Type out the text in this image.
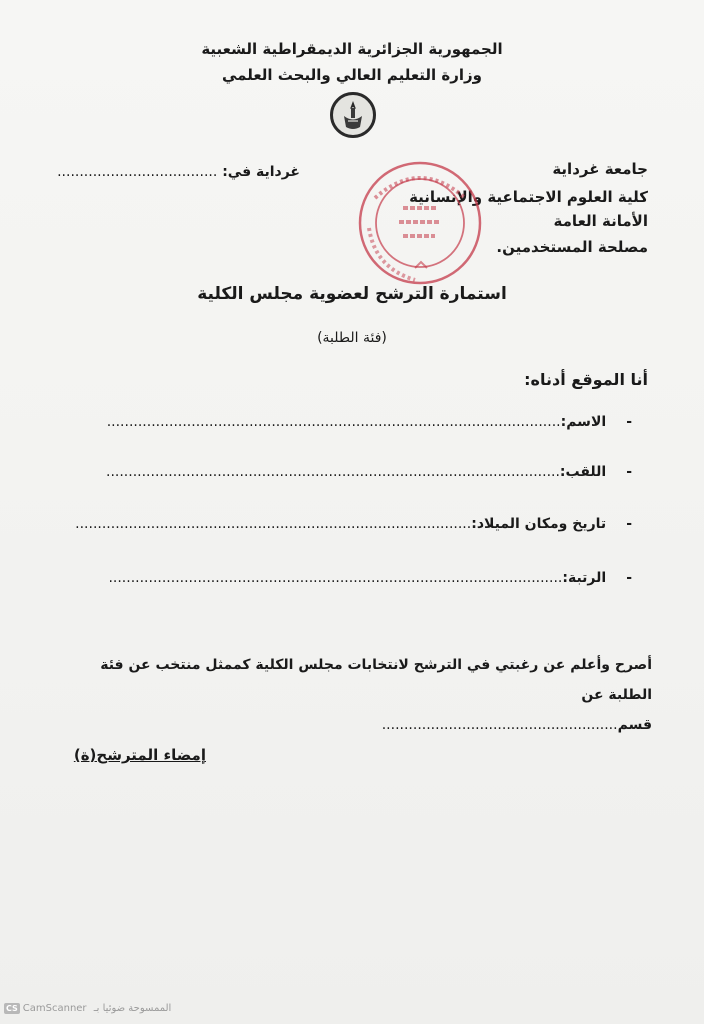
الجمهورية الجزائرية الديمقراطية الشعبية
وزارة التعليم العالي والبحث العلمي
جامعة غرداية
كلية العلوم الاجتماعية والإنسانية
الأمانة العامة
مصلحة المستخدمين.
غرداية في: ....................................
استمارة الترشح لعضوية مجلس الكلية
(فئة الطلبة)
أنا الموقع أدناه:
-الاسم:......................................................................................................
-اللقب:......................................................................................................
-تاريخ ومكان الميلاد:.........................................................................................
-الرتبة:......................................................................................................
أصرح وأعلم عن رغبتي في الترشح لانتخابات مجلس الكلية كممثل منتخب عن فئة الطلبة عن
قسم.....................................................
إمضاء المترشح(ة)
CS CamScanner الممسوحة ضوئيا بـ
